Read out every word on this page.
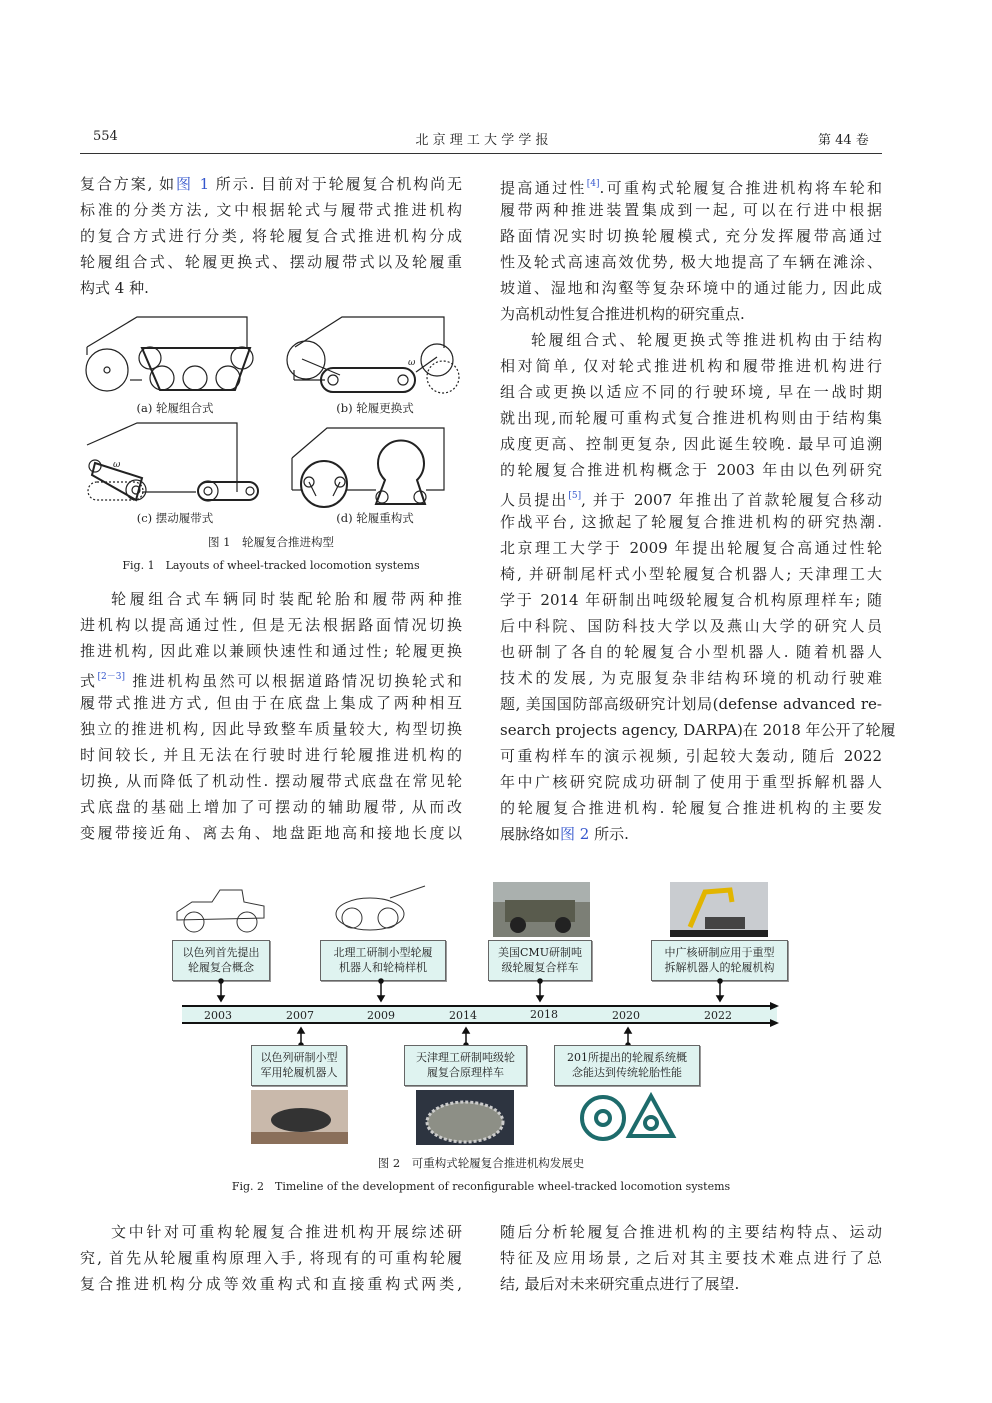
554	北 京 理 工 大 学 学 报	第 44 卷
复合方案, 如图 1 所示. 目前对于轮履复合机构尚无
标准的分类方法, 文中根据轮式与履带式推进机构
的复合方式进行分类, 将轮履复合式推进机构分成
轮履组合式、轮履更换式、摆动履带式以及轮履重
构式 4 种.
轮履组合式车辆同时装配轮胎和履带两种推
进机构以提高通过性, 但是无法根据路面情况切换
推进机构, 因此难以兼顾快速性和通过性; 轮履更换
式[2－3] 推进机构虽然可以根据道路情况切换轮式和
履带式推进方式, 但由于在底盘上集成了两种相互
独立的推进机构, 因此导致整车质量较大, 构型切换
时间较长, 并且无法在行驶时进行轮履推进机构的
切换, 从而降低了机动性. 摆动履带式底盘在常见轮
式底盘的基础上增加了可摆动的辅助履带, 从而改
变履带接近角、离去角、地盘距地高和接地长度以
提高通过性[4].可重构式轮履复合推进机构将车轮和
履带两种推进装置集成到一起, 可以在行进中根据
路面情况实时切换轮履模式, 充分发挥履带高通过
性及轮式高速高效优势, 极大地提高了车辆在滩涂、
坡道、湿地和沟壑等复杂环境中的通过能力, 因此成
为高机动性复合推进机构的研究重点.
轮履组合式、轮履更换式等推进机构由于结构
相对简单, 仅对轮式推进机构和履带推进机构进行
组合或更换以适应不同的行驶环境, 早在一战时期
就出现,而轮履可重构式复合推进机构则由于结构集
成度更高、控制更复杂, 因此诞生较晚. 最早可追溯
的轮履复合推进机构概念于 2003 年由以色列研究
人员提出[5], 并于 2007 年推出了首款轮履复合移动
作战平台, 这掀起了轮履复合推进机构的研究热潮.
北京理工大学于 2009 年提出轮履复合高通过性轮
椅, 并研制尾杆式小型轮履复合机器人; 天津理工大
学于 2014 年研制出吨级轮履复合机构原理样车; 随
后中科院、国防科技大学以及燕山大学的研究人员
也研制了各自的轮履复合小型机器人. 随着机器人
技术的发展, 为克服复杂非结构环境的机动行驶难
题, 美国国防部高级研究计划局(defense advanced re-
search projects agency, DARPA)在 2018 年公开了轮履
可重构样车的演示视频, 引起较大轰动, 随后 2022
年中广核研究院成功研制了使用于重型拆解机器人
的轮履复合推进机构. 轮履复合推进机构的主要发
展脉络如图 2 所示.
ω
ω
(a) 轮履组合式	(b) 轮履更换式
(c) 摆动履带式	(d) 轮履重构式
图 1　轮履复合推进构型
Fig. 1　Layouts of wheel-tracked locomotion systems
以色列首先提出
轮履复合概念
北理工研制小型轮履
机器人和轮椅样机
美国CMU研制吨
级轮履复合样车
中广核研制应用于重型
拆解机器人的轮履机构
2003	2007	2009	2014	2018	2020	2022
以色列研制小型
军用轮履机器人
天津理工研制吨级轮
履复合原理样车
201所提出的轮履系统概
念能达到传统轮胎性能
图 2　可重构式轮履复合推进机构发展史
Fig. 2　Timeline of the development of reconfigurable wheel-tracked locomotion systems
文中针对可重构轮履复合推进机构开展综述研
究, 首先从轮履重构原理入手, 将现有的可重构轮履
复合推进机构分成等效重构式和直接重构式两类,
随后分析轮履复合推进机构的主要结构特点、运动
特征及应用场景, 之后对其主要技术难点进行了总
结, 最后对未来研究重点进行了展望.
